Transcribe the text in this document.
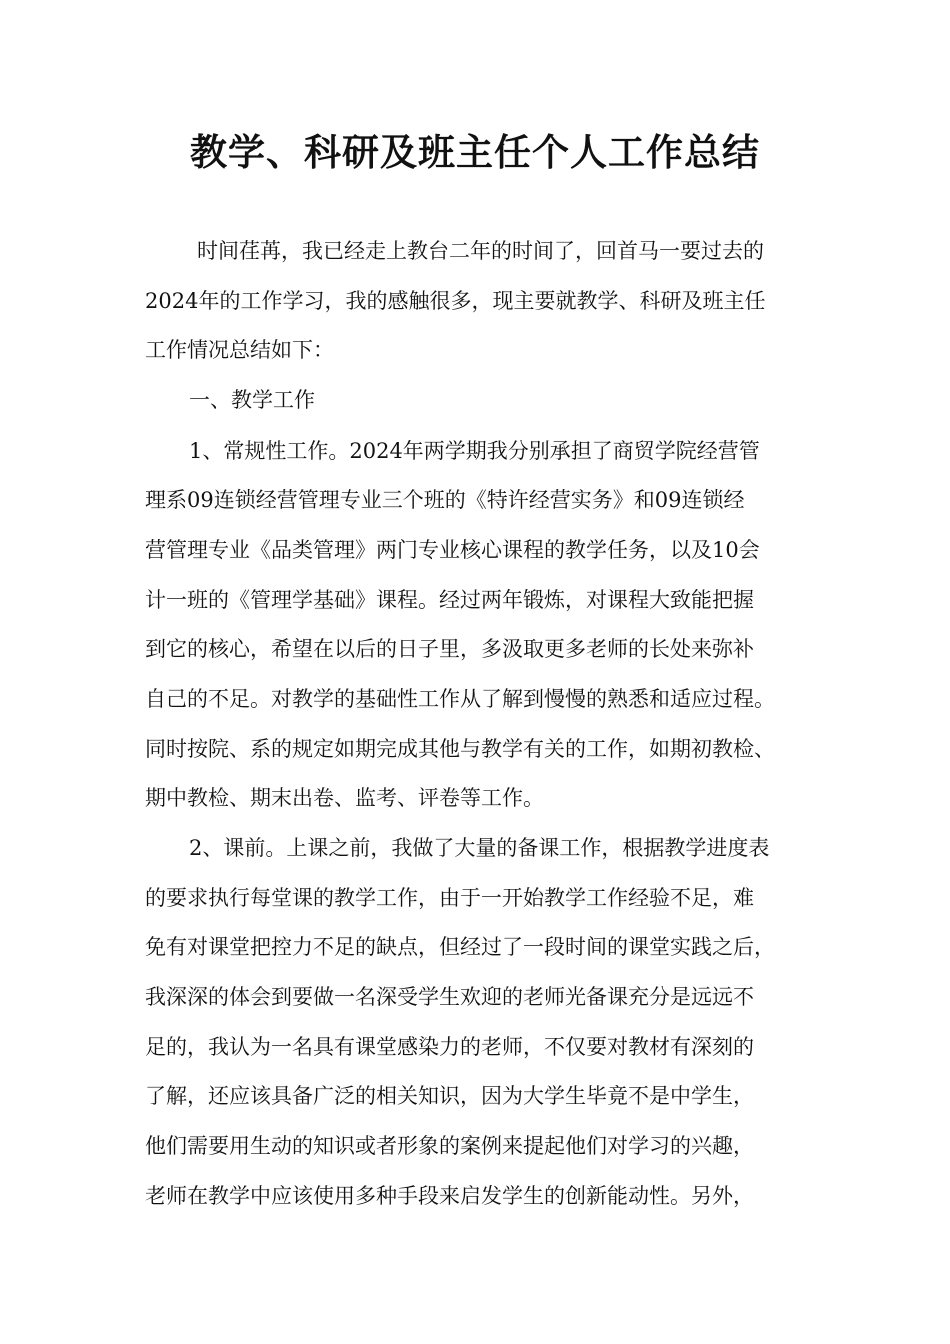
教学、科研及班主任个人工作总结

时间荏苒，我已经走上教台二年的时间了，回首马一要过去的

2024年的工作学习，我的感触很多，现主要就教学、科研及班主任

工作情况总结如下：

一、教学工作

1、常规性工作。2024年两学期我分别承担了商贸学院经营管

理系09连锁经营管理专业三个班的《特许经营实务》和09连锁经

营管理专业《品类管理》两门专业核心课程的教学任务，以及10会

计一班的《管理学基础》课程。经过两年锻炼，对课程大致能把握

到它的核心，希望在以后的日子里，多汲取更多老师的长处来弥补

自己的不足。对教学的基础性工作从了解到慢慢的熟悉和适应过程。

同时按院、系的规定如期完成其他与教学有关的工作，如期初教检、

期中教检、期末出卷、监考、评卷等工作。

2、课前。上课之前，我做了大量的备课工作，根据教学进度表

的要求执行每堂课的教学工作，由于一开始教学工作经验不足，难

免有对课堂把控力不足的缺点，但经过了一段时间的课堂实践之后，

我深深的体会到要做一名深受学生欢迎的老师光备课充分是远远不

足的，我认为一名具有课堂感染力的老师，不仅要对教材有深刻的

了解，还应该具备广泛的相关知识，因为大学生毕竟不是中学生，

他们需要用生动的知识或者形象的案例来提起他们对学习的兴趣，

老师在教学中应该使用多种手段来启发学生的创新能动性。另外，
